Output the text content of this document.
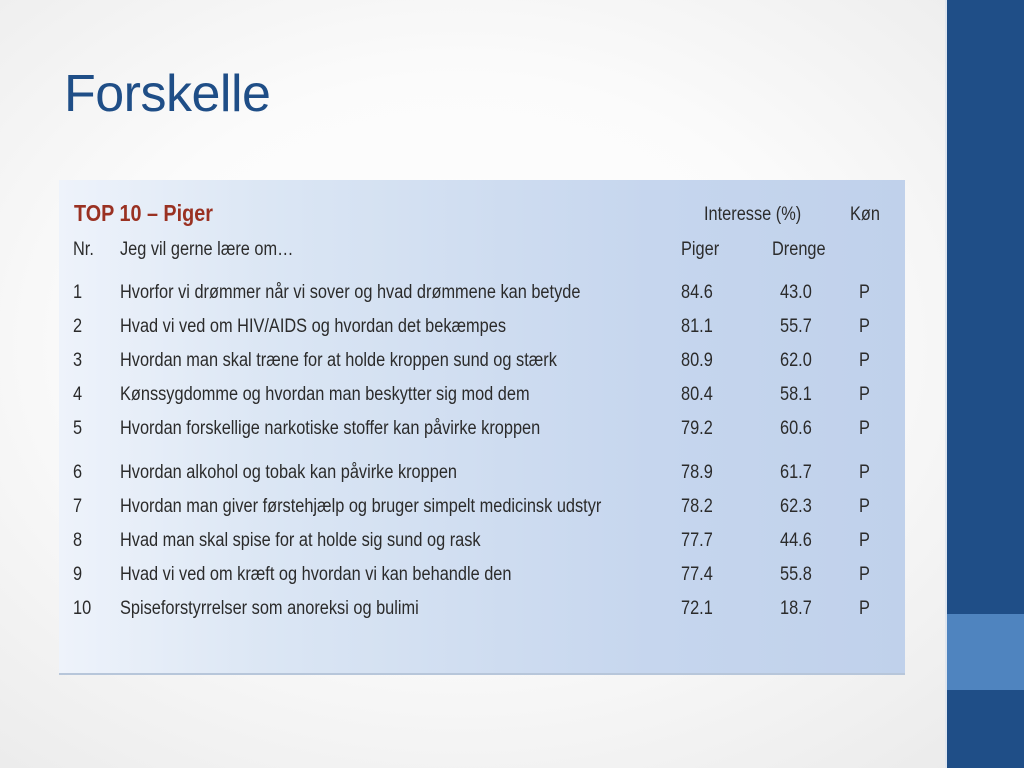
Forskelle
TOP 10 – Piger	Interesse (%)	Køn
Nr. Jeg vil gerne lære om…	Piger	Drenge
1 Hvorfor vi drømmer når vi sover og hvad drømmene kan betyde	84.6	43.0 P
2 Hvad vi ved om HIV/AIDS og hvordan det bekæmpes	81.1	55.7 P
3 Hvordan man skal træne for at holde kroppen sund og stærk	80.9	62.0 P
4 Kønssygdomme og hvordan man beskytter sig mod dem	80.4	58.1 P
5 Hvordan forskellige narkotiske stoffer kan påvirke kroppen	79.2	60.6 P
6 Hvordan alkohol og tobak kan påvirke kroppen	78.9	61.7 P
7 Hvordan man giver førstehjælp og bruger simpelt medicinsk udstyr	78.2	62.3 P
8 Hvad man skal spise for at holde sig sund og rask	77.7	44.6 P
9 Hvad vi ved om kræft og hvordan vi kan behandle den	77.4	55.8 P
10 Spiseforstyrrelser som anoreksi og bulimi	72.1	18.7 P
